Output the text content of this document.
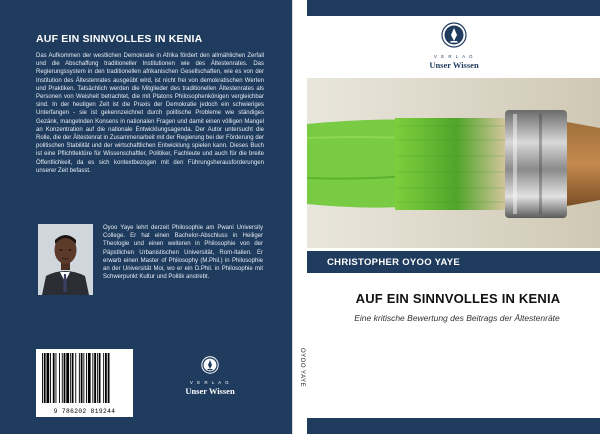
AUF EIN SINNVOLLES IN KENIA
Das Aufkommen der westlichen Demokratie in Afrika fördert den allmählichen Zerfall und die Abschaffung traditioneller Institutionen wie des Ältestenrates. Das Regierungssystem in den traditionellen afrikanischen Gesellschaften, wie es von der Institution des Ältestenrates ausgeübt wird, ist nicht frei von demokratischen Werten und Praktiken. Tatsächlich werden die Mitglieder des traditionellen Ältestenrates als Personen von Weisheit betrachtet, die mit Platons Philosophenkönigen vergleichbar sind. In der heutigen Zeit ist die Praxis der Demokratie jedoch ein schwieriges Unterfangen - sie ist gekennzeichnet durch politische Probleme wie ständiges Gezänk, mangelnden Konsens in nationalen Fragen und damit einen völligen Mangel an Konzentration auf die nationale Entwicklungsagenda. Der Autor untersucht die Rolle, die der Ältestenrat in Zusammenarbeit mit der Regierung bei der Förderung der politischen Stabilität und der wirtschaftlichen Entwicklung spielen kann. Dieses Buch ist eine Pflichtlektüre für Wissenschaftler, Politiker, Fachleute und auch für die breite Öffentlichkeit, da es sich kontextbezogen mit den Führungsherausforderungen unserer Zeit befasst.
Oyoo Yaye lehrt derzeit Philosophie am Pwani University College. Er hat einen Bachelor-Abschluss in Heiliger Theologie und einen weiteren in Philosophie von der Päpstlichen Urbanistischen Universität, Rom-Italien. Er erwarb einen Master of Philosophy (M.Phil.) in Philosophie an der Universität Moi, wo er ein D.Phil. in Philosophie mit Schwerpunkt Kultur und Politik anstrebt.
9 786202 819244
V E R L A G
Unser Wissen
OYOO YAYE
V E R L A G
Unser Wissen
CHRISTOPHER OYOO YAYE
AUF EIN SINNVOLLES IN KENIA
Eine kritische Bewertung des Beitrags der Ältestenräte
